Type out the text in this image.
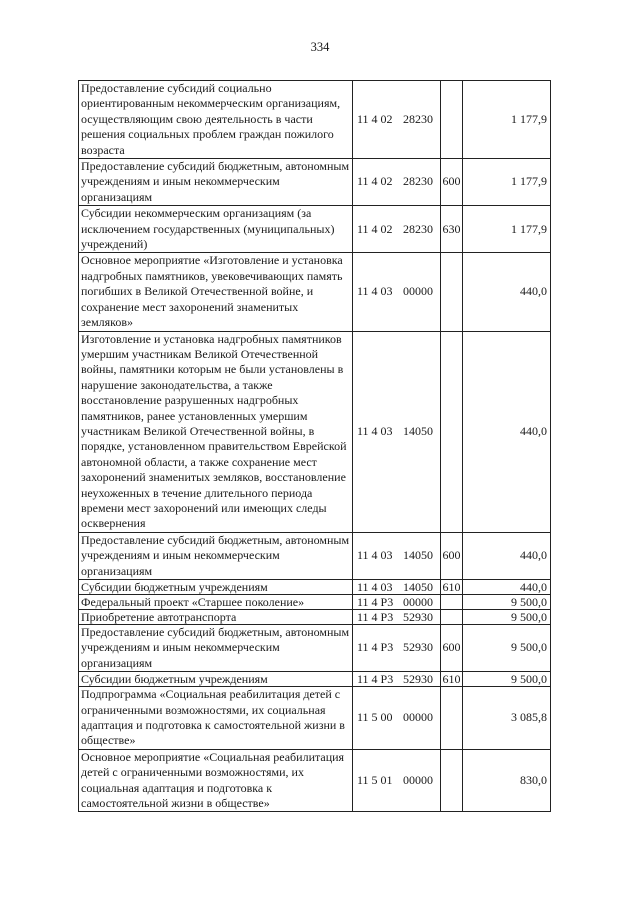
334
Предоставление субсидий социально ориентированным некоммерческим организациям, осуществляющим свою деятельность в части решения социальных проблем граждан пожилого возраста	11 4 02 28230		1 177,9
Предоставление субсидий бюджетным, автономным учреждениям и иным некоммерческим организациям	11 4 02 28230	600	1 177,9
Субсидии некоммерческим организациям (за исключением государственных (муниципальных) учреждений)	11 4 02 28230	630	1 177,9
Основное мероприятие «Изготовление и установка надгробных памятников, увековечивающих память погибших в Великой Отечественной войне, и сохранение мест захоронений знаменитых земляков»	11 4 03 00000		440,0
Изготовление и установка надгробных памятников умершим участникам Великой Отечественной войны, памятники которым не были установлены в нарушение законодательства, а также восстановление разрушенных надгробных памятников, ранее установленных умершим участникам Великой Отечественной войны, в порядке, установленном правительством Еврейской автономной области, а также сохранение мест захоронений знаменитых земляков, восстановление неухоженных в течение длительного периода времени мест захоронений или имеющих следы осквернения	11 4 03 14050		440,0
Предоставление субсидий бюджетным, автономным учреждениям и иным некоммерческим организациям	11 4 03 14050	600	440,0
Субсидии бюджетным учреждениям	11 4 03 14050	610	440,0
Федеральный проект «Старшее поколение»	11 4 P3 00000		9 500,0
Приобретение автотранспорта	11 4 P3 52930		9 500,0
Предоставление субсидий бюджетным, автономным учреждениям и иным некоммерческим организациям	11 4 P3 52930	600	9 500,0
Субсидии бюджетным учреждениям	11 4 P3 52930	610	9 500,0
Подпрограмма «Социальная реабилитация детей с ограниченными возможностями, их социальная адаптация и подготовка к самостоятельной жизни в обществе»	11 5 00 00000		3 085,8
Основное мероприятие «Социальная реабилитация детей с ограниченными возможностями, их социальная адаптация и подготовка к самостоятельной жизни в обществе»	11 5 01 00000		830,0
